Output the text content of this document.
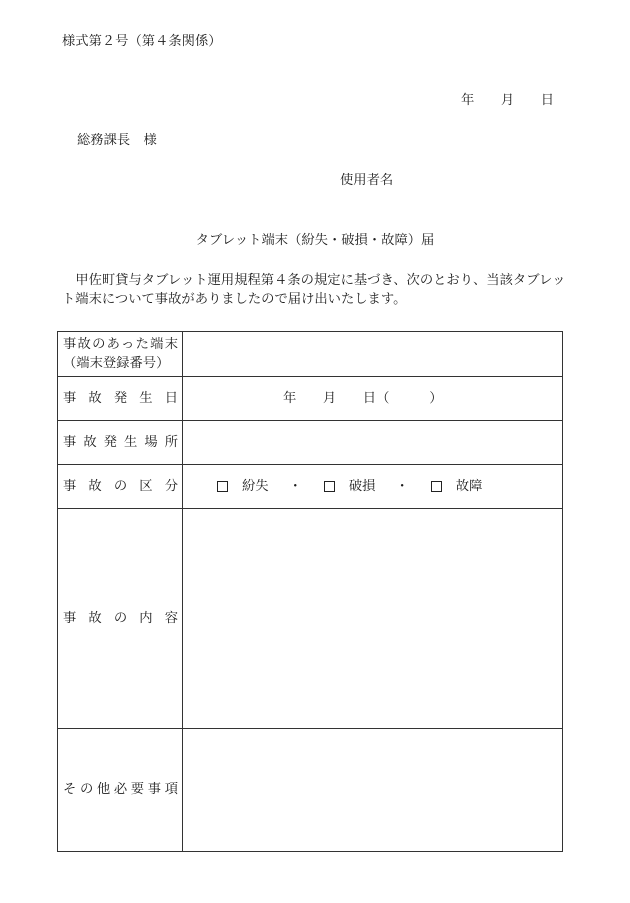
様式第２号（第４条関係）
年　　月　　日
総務課長　様
使用者名
タブレット端末（紛失・破損・故障）届
　甲佐町貸与タブレット運用規程第４条の規定に基づき、次のとおり、当該タブレッ
ト端末について事故がありましたので届け出いたします。
事故のあった端末
（端末登録番号）	

事故発生日	年　　月　　日（　　　）

事故発生場所	

事故の区分	紛失 ・ 破損 ・ 故障

事故の内容	

その他必要事項	
